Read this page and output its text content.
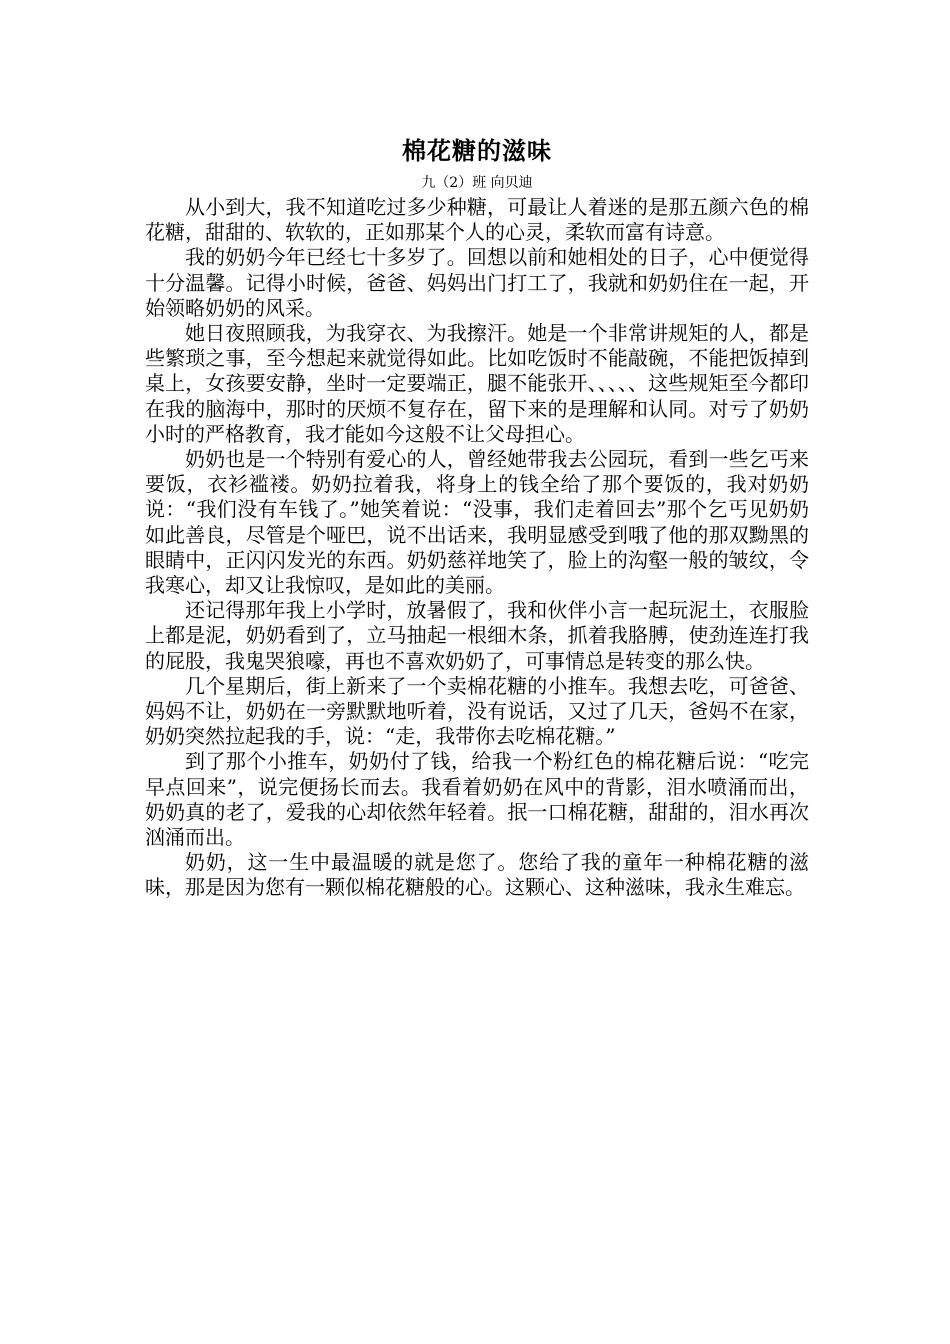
棉花糖的滋味
九（2）班 向贝迪

从小到大，我不知道吃过多少种糖，可最让人着迷的是那五颜六色的棉花糖，甜甜的、软软的，正如那某个人的心灵，柔软而富有诗意。

我的奶奶今年已经七十多岁了。回想以前和她相处的日子，心中便觉得十分温馨。记得小时候，爸爸、妈妈出门打工了，我就和奶奶住在一起，开始领略奶奶的风采。

她日夜照顾我，为我穿衣、为我擦汗。她是一个非常讲规矩的人，都是些繁琐之事，至今想起来就觉得如此。比如吃饭时不能敲碗，不能把饭掉到桌上，女孩要安静，坐时一定要端正，腿不能张开、、、、、这些规矩至今都印在我的脑海中，那时的厌烦不复存在，留下来的是理解和认同。对亏了奶奶小时的严格教育，我才能如今这般不让父母担心。

奶奶也是一个特别有爱心的人，曾经她带我去公园玩，看到一些乞丐来要饭，衣衫褴褛。奶奶拉着我，将身上的钱全给了那个要饭的，我对奶奶说：“我们没有车钱了。”她笑着说：“没事，我们走着回去”那个乞丐见奶奶如此善良，尽管是个哑巴，说不出话来，我明显感受到哦了他的那双黝黑的眼睛中，正闪闪发光的东西。奶奶慈祥地笑了，脸上的沟壑一般的皱纹，令我寒心，却又让我惊叹，是如此的美丽。

还记得那年我上小学时，放暑假了，我和伙伴小言一起玩泥土，衣服脸上都是泥，奶奶看到了，立马抽起一根细木条，抓着我胳膊，使劲连连打我的屁股，我鬼哭狼嚎，再也不喜欢奶奶了，可事情总是转变的那么快。

几个星期后，街上新来了一个卖棉花糖的小推车。我想去吃，可爸爸、妈妈不让，奶奶在一旁默默地听着，没有说话，又过了几天，爸妈不在家，奶奶突然拉起我的手，说：“走，我带你去吃棉花糖。”

到了那个小推车，奶奶付了钱，给我一个粉红色的棉花糖后说：“吃完早点回来”，说完便扬长而去。我看着奶奶在风中的背影，泪水喷涌而出，奶奶真的老了，爱我的心却依然年轻着。抿一口棉花糖，甜甜的，泪水再次汹涌而出。

奶奶，这一生中最温暖的就是您了。您给了我的童年一种棉花糖的滋味，那是因为您有一颗似棉花糖般的心。这颗心、这种滋味，我永生难忘。
